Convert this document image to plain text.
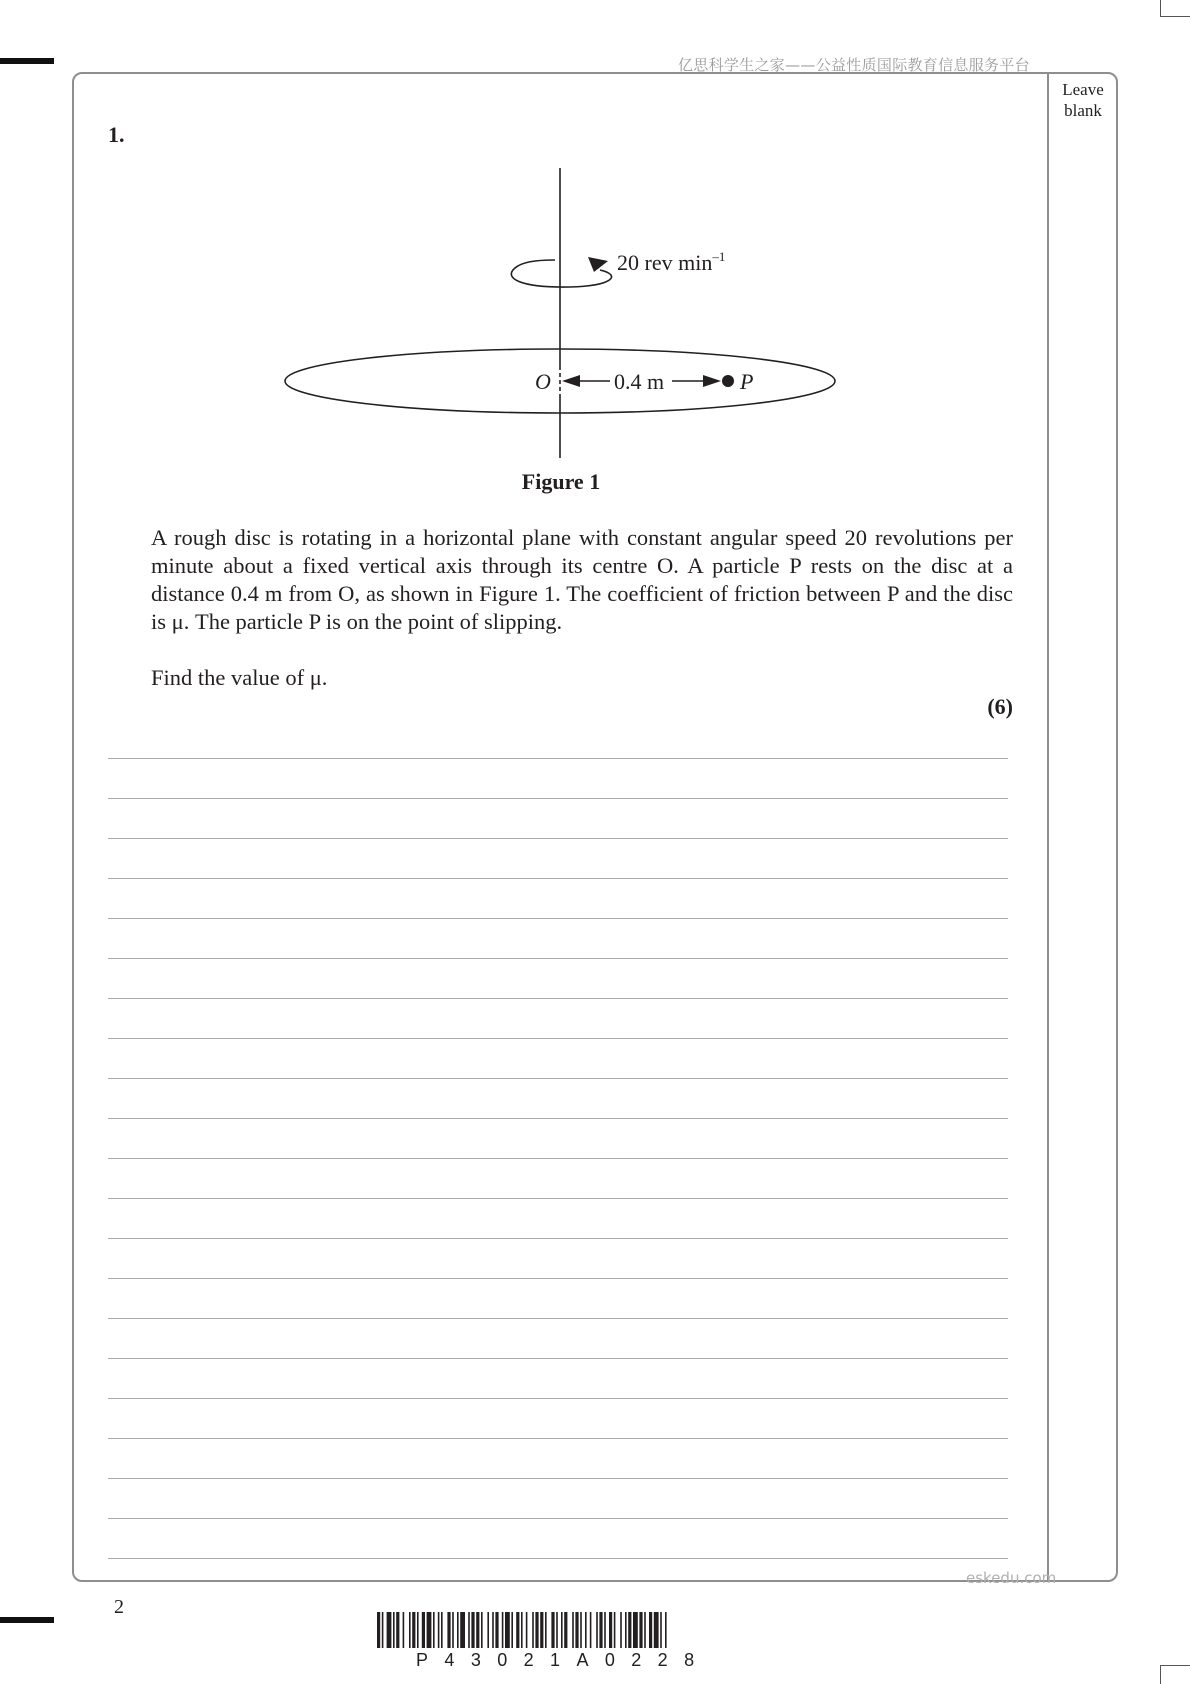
亿思科学生之家——公益性质国际教育信息服务平台
Leave blank
1.
20 rev $\min^{-1}$
O	0.4 m	P
Figure 1

A rough disc is rotating in a horizontal plane with constant angular speed 20 revolutions per minute about a fixed vertical axis through its centre O. A particle P rests on the disc at a distance 0.4 m from O, as shown in Figure 1. The coefficient of friction between P and the disc is μ. The particle P is on the point of slipping.

Find the value of μ.

(6)
eskedu.com
2
P43021A0228
